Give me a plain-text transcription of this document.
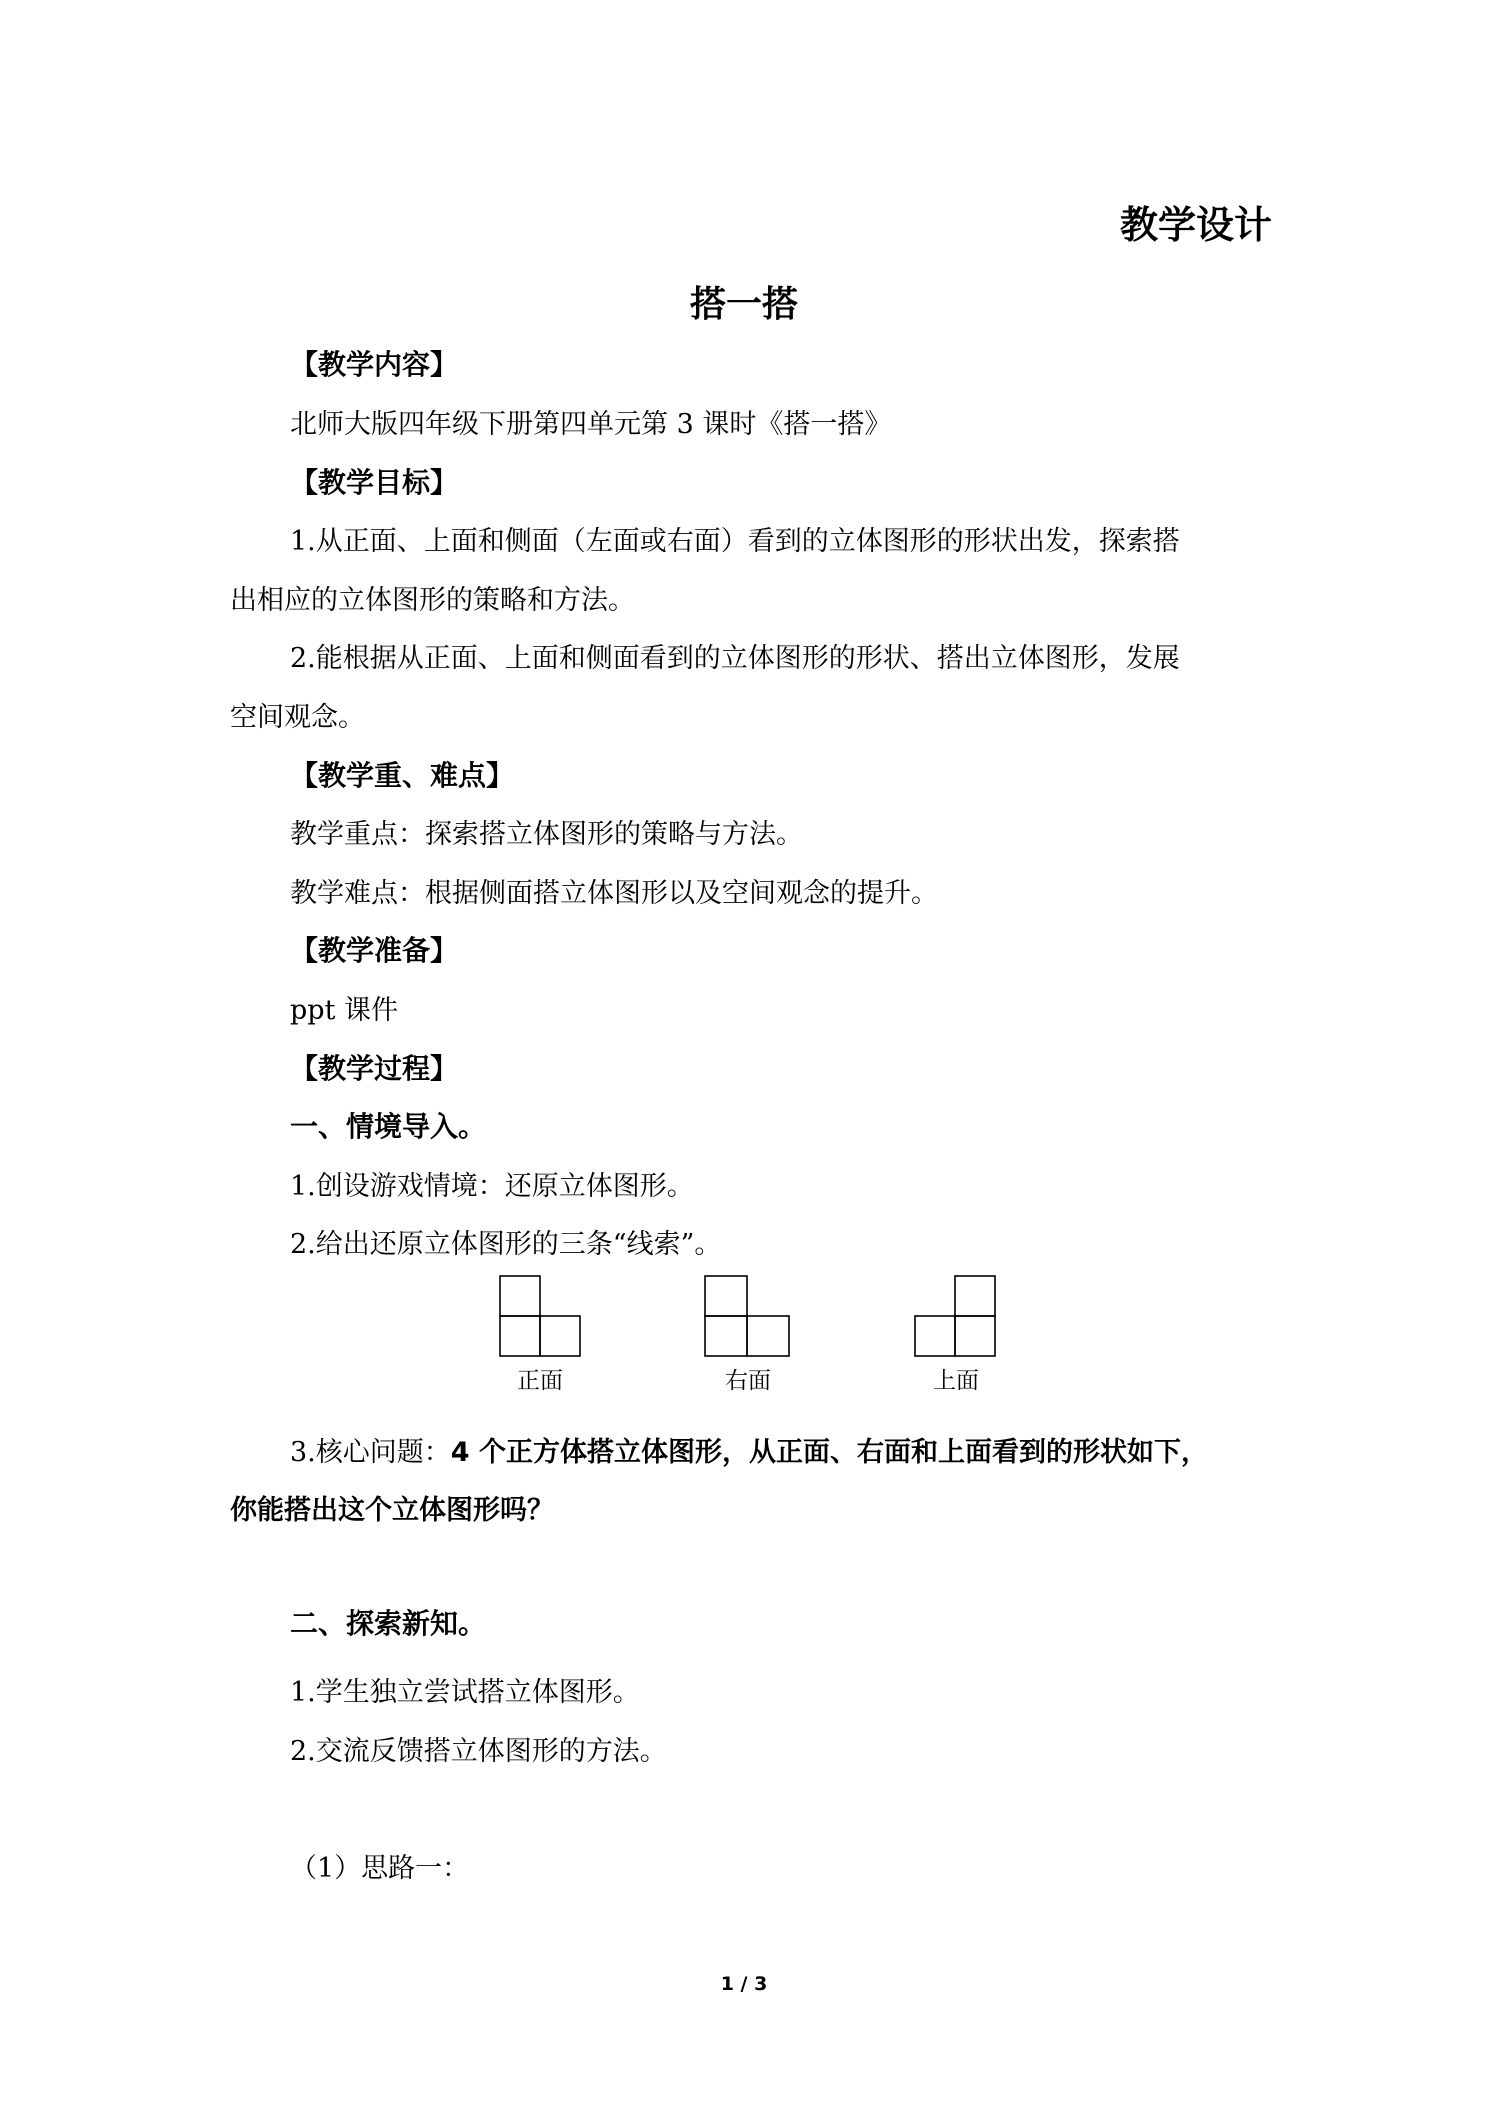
教学设计
搭一搭
【教学内容】
北师大版四年级下册第四单元第 3 课时《搭一搭》
【教学目标】
1.从正面、上面和侧面（左面或右面）看到的立体图形的形状出发，探索搭
出相应的立体图形的策略和方法。
2.能根据从正面、上面和侧面看到的立体图形的形状、搭出立体图形，发展
空间观念。
【教学重、难点】
教学重点：探索搭立体图形的策略与方法。
教学难点：根据侧面搭立体图形以及空间观念的提升。
【教学准备】
ppt 课件
【教学过程】
一、情境导入。
1.创设游戏情境：还原立体图形。
2.给出还原立体图形的三条“线索”。
正面	右面	上面
3.核心问题：4 个正方体搭立体图形，从正面、右面和上面看到的形状如下，
你能搭出这个立体图形吗？
二、探索新知。
1.学生独立尝试搭立体图形。
2.交流反馈搭立体图形的方法。
（1）思路一：
1 / 3
